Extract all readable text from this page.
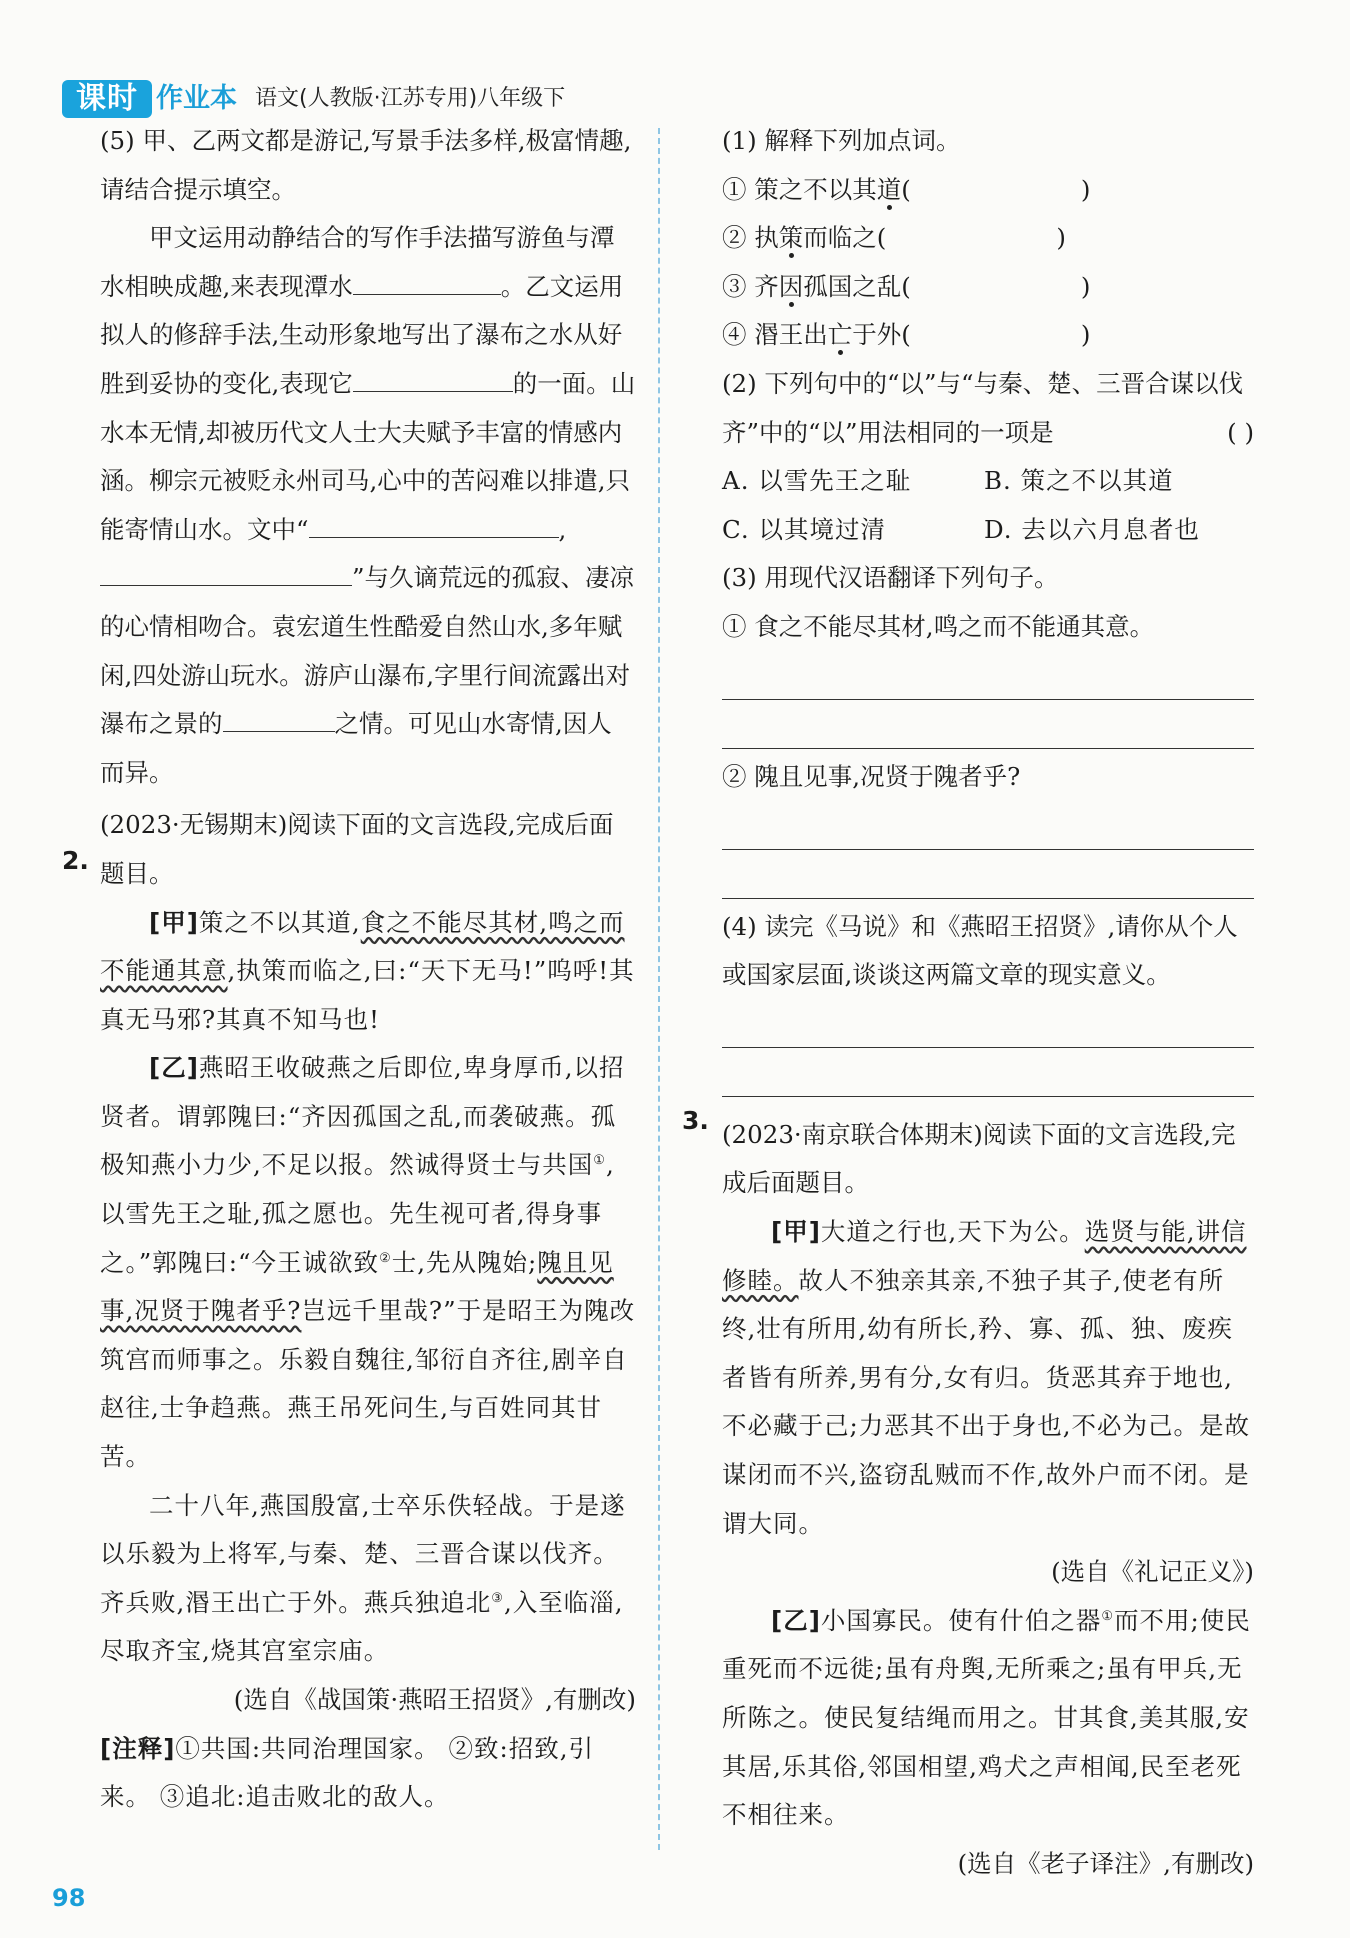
课时 作业本 语文(人教版·江苏专用)八年级下

(5) 甲、乙两文都是游记,写景手法多样,极富情趣,请结合提示填空。

甲文运用动静结合的写作手法描写游鱼与潭水相映成趣,来表现潭水	。乙文运用拟人的修辞手法,生动形象地写出了瀑布之水从好胜到妥协的变化,表现它	的一面。山水本无情,却被历代文人士大夫赋予丰富的情感内涵。柳宗元被贬永州司马,心中的苦闷难以排遣,只能寄情山水。文中“	,”与久谪荒远的孤寂、凄凉的心情相吻合。袁宏道生性酷爱自然山水,多年赋闲,四处游山玩水。游庐山瀑布,字里行间流露出对瀑布之景的	之情。可见山水寄情,因人而异。

(2023·无锡期末)阅读下面的文言选段,完成后面题目。

[甲]策之不以其道,食之不能尽其材,鸣之而不能通其意,执策而临之,曰:“天下无马!”呜呼!其真无马邪?其真不知马也!

[乙]燕昭王收破燕之后即位,卑身厚币,以招贤者。谓郭隗曰:“齐因孤国之乱,而袭破燕。孤极知燕小力少,不足以报。然诚得贤士与共国①,以雪先王之耻,孤之愿也。先生视可者,得身事之。”郭隗曰:“今王诚欲致②士,先从隗始;隗且见事,况贤于隗者乎?岂远千里哉?”于是昭王为隗改筑宫而师事之。乐毅自魏往,邹衍自齐往,剧辛自赵往,士争趋燕。燕王吊死问生,与百姓同其甘苦。

二十八年,燕国殷富,士卒乐佚轻战。于是遂以乐毅为上将军,与秦、楚、三晋合谋以伐齐。齐兵败,湣王出亡于外。燕兵独追北③,入至临淄,尽取齐宝,烧其宫室宗庙。

(选自《战国策·燕昭王招贤》,有删改)

[注释]①共国:共同治理国家。 ②致:招致,引来。 ③追北:追击败北的敌人。

2.

(1) 解释下列加点词。

① 策之不以其道(	)

② 执策而临之(	)

③ 齐因孤国之乱(	)

④ 湣王出亡于外(	)

(2) 下列句中的“以”与“与秦、楚、三晋合谋以伐齐”中的“以”用法相同的一项是	( )

A. 以雪先王之耻	B. 策之不以其道
C. 以其境过清	D. 去以六月息者也

(3) 用现代汉语翻译下列句子。

① 食之不能尽其材,鸣之而不能通其意。

② 隗且见事,况贤于隗者乎?

(4) 读完《马说》和《燕昭王招贤》,请你从个人或国家层面,谈谈这两篇文章的现实意义。

(2023·南京联合体期末)阅读下面的文言选段,完成后面题目。

[甲]大道之行也,天下为公。选贤与能,讲信修睦。故人不独亲其亲,不独子其子,使老有所终,壮有所用,幼有所长,矜、寡、孤、独、废疾者皆有所养,男有分,女有归。货恶其弃于地也,不必藏于己;力恶其不出于身也,不必为己。是故谋闭而不兴,盗窃乱贼而不作,故外户而不闭。是谓大同。

(选自《礼记正义》)

[乙]小国寡民。使有什伯之器①而不用;使民重死而不远徙;虽有舟舆,无所乘之;虽有甲兵,无所陈之。使民复结绳而用之。甘其食,美其服,安其居,乐其俗,邻国相望,鸡犬之声相闻,民至老死不相往来。

(选自《老子译注》,有删改)

3.
98
